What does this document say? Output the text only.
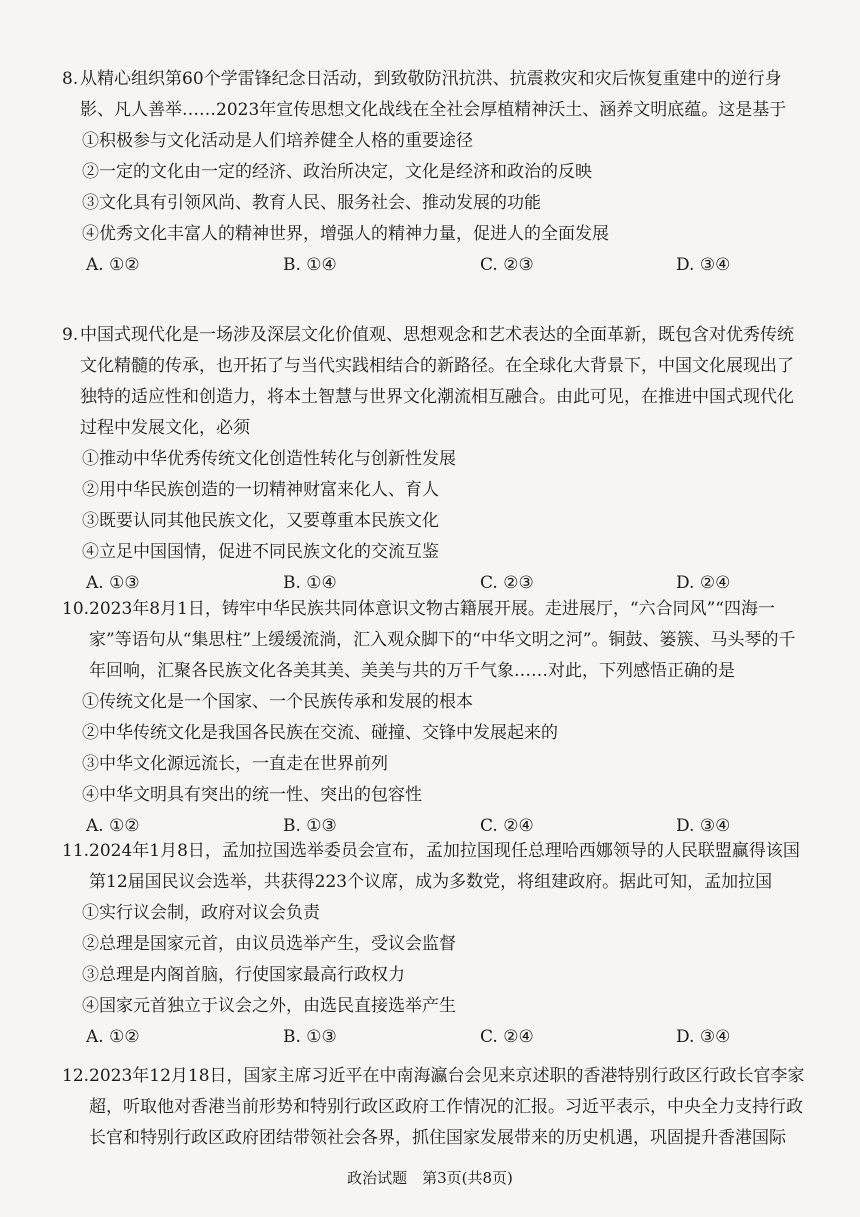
8. 从精心组织第60个学雷锋纪念日活动，到致敬防汛抗洪、抗震救灾和灾后恢复重建中的逆行身影、凡人善举……2023年宣传思想文化战线在全社会厚植精神沃土、涵养文明底蕴。这是基于

①积极参与文化活动是人们培养健全人格的重要途径

②一定的文化由一定的经济、政治所决定，文化是经济和政治的反映

③文化具有引领风尚、教育人民、服务社会、推动发展的功能

④优秀文化丰富人的精神世界，增强人的精神力量，促进人的全面发展

A. ①②	B. ①④	C. ②③	D. ③④

9. 中国式现代化是一场涉及深层文化价值观、思想观念和艺术表达的全面革新，既包含对优秀传统文化精髓的传承，也开拓了与当代实践相结合的新路径。在全球化大背景下，中国文化展现出了独特的适应性和创造力，将本土智慧与世界文化潮流相互融合。由此可见，在推进中国式现代化过程中发展文化，必须

①推动中华优秀传统文化创造性转化与创新性发展

②用中华民族创造的一切精神财富来化人、育人

③既要认同其他民族文化，又要尊重本民族文化

④立足中国国情，促进不同民族文化的交流互鉴

A. ①③	B. ①④	C. ②③	D. ②④

10. 2023年8月1日，铸牢中华民族共同体意识文物古籍展开展。走进展厅，“六合同风”“四海一家”等语句从“集思柱”上缓缓流淌，汇入观众脚下的“中华文明之河”。铜鼓、篓簇、马头琴的千年回响，汇聚各民族文化各美其美、美美与共的万千气象……对此，下列感悟正确的是

①传统文化是一个国家、一个民族传承和发展的根本

②中华传统文化是我国各民族在交流、碰撞、交锋中发展起来的

③中华文化源远流长，一直走在世界前列

④中华文明具有突出的统一性、突出的包容性

A. ①②	B. ①③	C. ②④	D. ③④

11. 2024年1月8日，孟加拉国选举委员会宣布，孟加拉国现任总理哈西娜领导的人民联盟赢得该国第12届国民议会选举，共获得223个议席，成为多数党，将组建政府。据此可知，孟加拉国

①实行议会制，政府对议会负责

②总理是国家元首，由议员选举产生，受议会监督

③总理是内阁首脑，行使国家最高行政权力

④国家元首独立于议会之外，由选民直接选举产生

A. ①②	B. ①③	C. ②④	D. ③④

12. 2023年12月18日，国家主席习近平在中南海瀛台会见来京述职的香港特别行政区行政长官李家超，听取他对香港当前形势和特别行政区政府工作情况的汇报。习近平表示，中央全力支持行政长官和特别行政区政府团结带领社会各界，抓住国家发展带来的历史机遇，巩固提升香港国际

政治试题　第3页(共8页)
